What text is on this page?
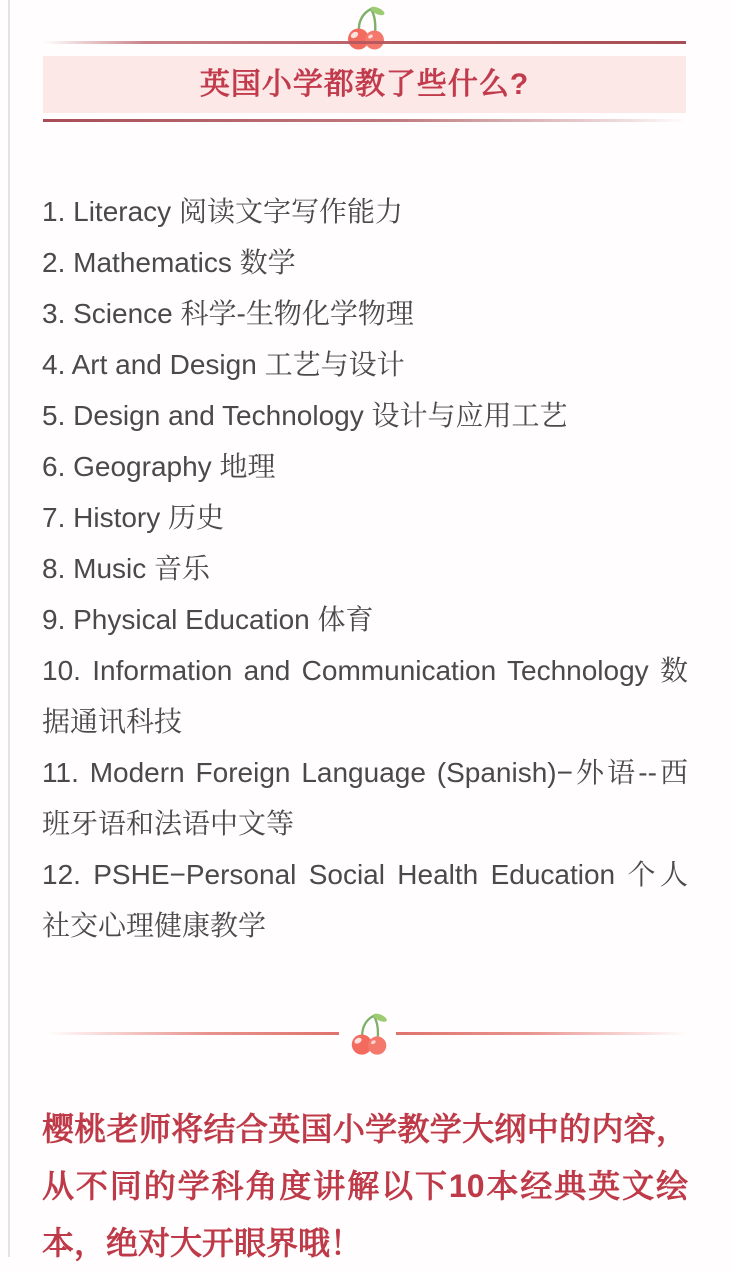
英国小学都教了些什么?

1. Literacy 阅读文字写作能力

2. Mathematics 数学

3. Science 科学-生物化学物理

4. Art and Design 工艺与设计

5. Design and Technology 设计与应用工艺

6. Geography 地理

7. History 历史

8. Music 音乐

9. Physical Education 体育

10. Information and Communication Technology 数据通讯科技

11. Modern Foreign Language (Spanish)−外语--西班牙语和法语中文等

12. PSHE−Personal Social Health Education 个人社交心理健康教学

樱桃老师将结合英国小学教学大纲中的内容，从不同的学科角度讲解以下10本经典英文绘本，绝对大开眼界哦！
